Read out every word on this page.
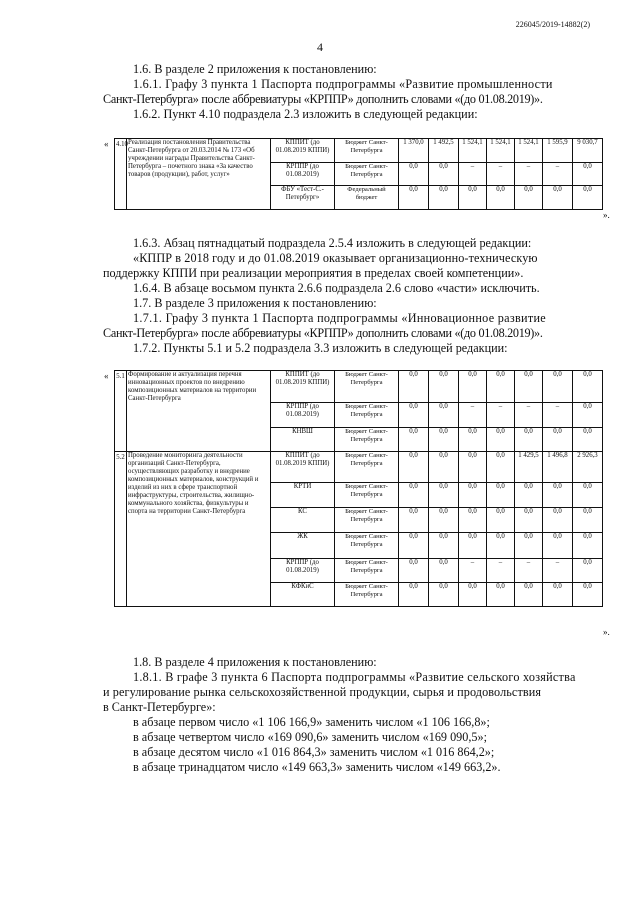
226045/2019-14882(2)
4
1.6. В разделе 2 приложения к постановлению:
1.6.1. Графу 3 пункта 1 Паспорта подпрограммы «Развитие промышленности
Санкт-Петербурга» после аббревиатуры «КРППР» дополнить словами «(до 01.08.2019)».
1.6.2. Пункт 4.10 подраздела 2.3 изложить в следующей редакции:
«
».
4.10	Реализация постановления Правительства Санкт-Петербурга от 20.03.2014 № 173 «Об учреждении награды Правительства Санкт-Петербурга – почетного знака «За качество товаров (продукции), работ, услуг»	КППИТ (до 01.08.2019 КППИ)	Бюджет Санкт-Петербурга	1 370,0	1 492,5	1 524,1	1 524,1	1 524,1	1 595,9	9 030,7
		КРППР (до 01.08.2019)	Бюджет Санкт-Петербурга	0,0	0,0	–	–	–	–	0,0
		ФБУ «Тест-С.-Петербург»	Федеральный бюджет	0,0	0,0	0,0	0,0	0,0	0,0	0,0
1.6.3. Абзац пятнадцатый подраздела 2.5.4 изложить в следующей редакции:
«КППР в 2018 году и до 01.08.2019 оказывает организационно-техническую
поддержку КППИ при реализации мероприятия в пределах своей компетенции».
1.6.4. В абзаце восьмом пункта 2.6.6 подраздела 2.6 слово «части» исключить.
1.7. В разделе 3 приложения к постановлению:
1.7.1. Графу 3 пункта 1 Паспорта подпрограммы «Инновационное развитие
Санкт-Петербурга» после аббревиатуры «КРППР» дополнить словами «(до 01.08.2019)».
1.7.2. Пункты 5.1 и 5.2 подраздела 3.3 изложить в следующей редакции:
«
».
5.1	Формирование и актуализация перечня инновационных проектов по внедрению композиционных материалов на территории Санкт-Петербурга	КППИТ (до 01.08.2019 КППИ)	Бюджет Санкт-Петербурга	0,0	0,0	0,0	0,0	0,0	0,0	0,0
		КРППР (до 01.08.2019)	Бюджет Санкт-Петербурга	0,0	0,0	–	–	–	–	0,0
		КНВШ	Бюджет Санкт-Петербурга	0,0	0,0	0,0	0,0	0,0	0,0	0,0
5.2	Проведение мониторинга деятельности организаций Санкт-Петербурга, осуществляющих разработку и внедрение композиционных материалов, конструкций и изделий из них в сфере транспортной инфраструктуры, строительства, жилищно-коммунального хозяйства, физкультуры и спорта на территории Санкт-Петербурга	КППИТ (до 01.08.2019 КППИ)	Бюджет Санкт-Петербурга	0,0	0,0	0,0	0,0	1 429,5	1 496,8	2 926,3
		КРТИ	Бюджет Санкт-Петербурга	0,0	0,0	0,0	0,0	0,0	0,0	0,0
		КС	Бюджет Санкт-Петербурга	0,0	0,0	0,0	0,0	0,0	0,0	0,0
		ЖК	Бюджет Санкт-Петербурга	0,0	0,0	0,0	0,0	0,0	0,0	0,0
		КРППР (до 01.08.2019)	Бюджет Санкт-Петербурга	0,0	0,0	–	–	–	–	0,0
		КФКиС	Бюджет Санкт-Петербурга	0,0	0,0	0,0	0,0	0,0	0,0	0,0
1.8. В разделе 4 приложения к постановлению:
1.8.1. В графе 3 пункта 6 Паспорта подпрограммы «Развитие сельского хозяйства
и регулирование рынка сельскохозяйственной продукции, сырья и продовольствия
в Санкт-Петербурге»:
в абзаце первом число «1 106 166,9» заменить числом «1 106 166,8»;
в абзаце четвертом число «169 090,6» заменить числом «169 090,5»;
в абзаце десятом число «1 016 864,3» заменить числом «1 016 864,2»;
в абзаце тринадцатом число «149 663,3» заменить числом «149 663,2».
